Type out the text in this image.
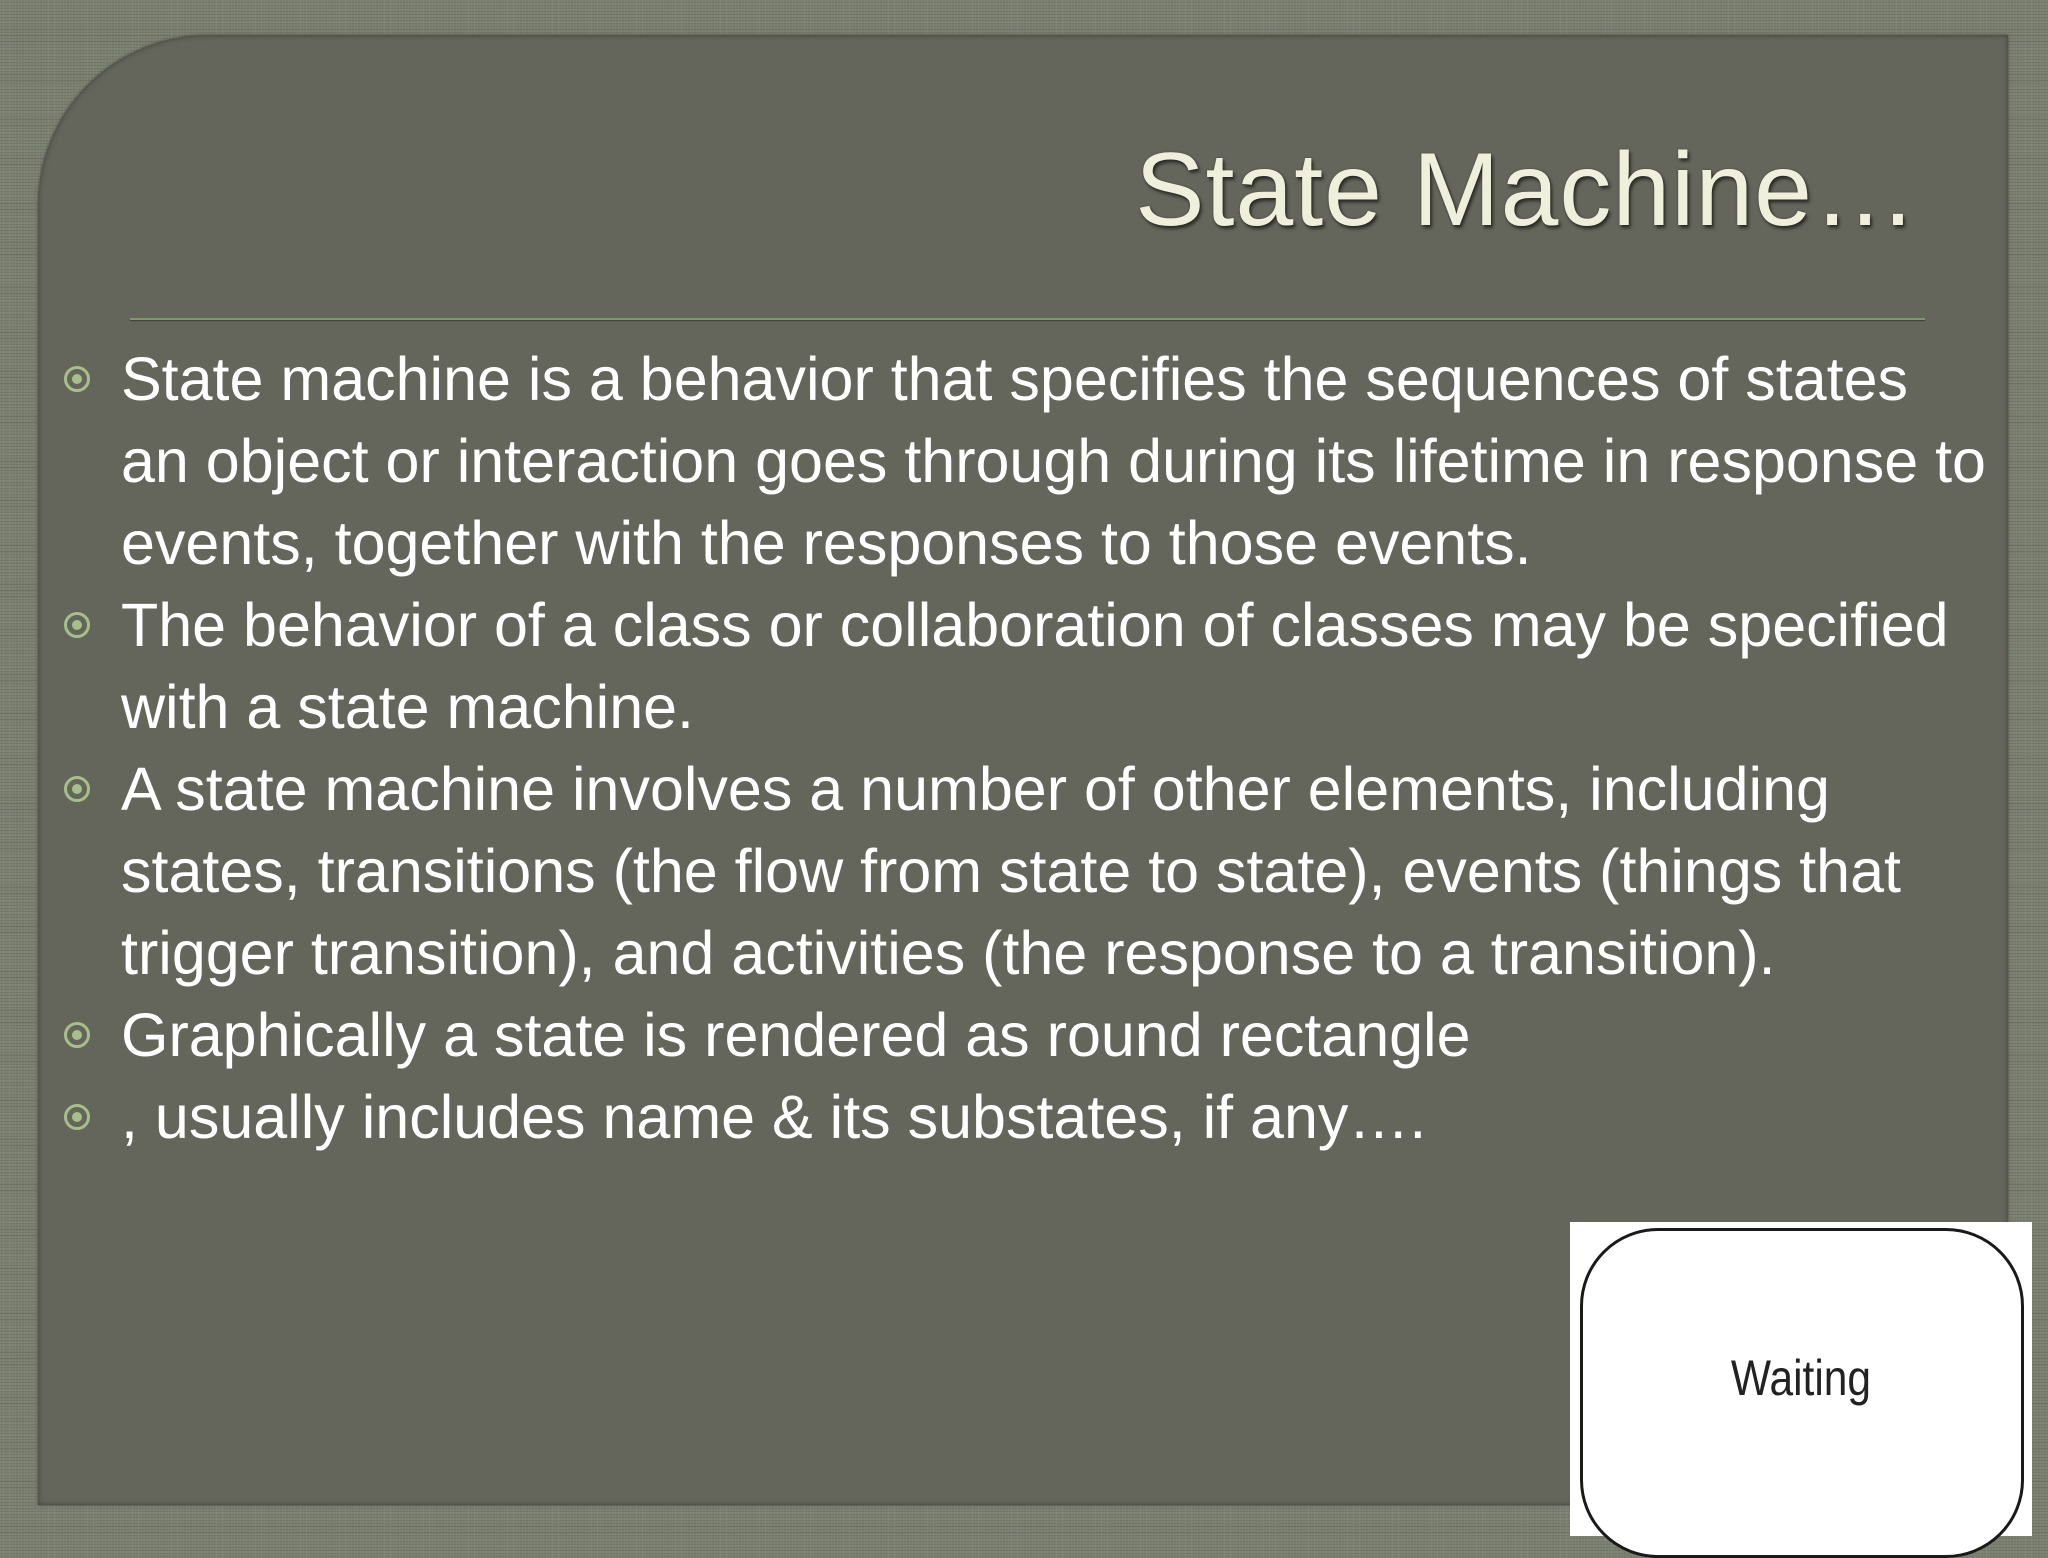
State Machine…
State machine is a behavior that specifies the sequences of states an object or interaction goes through during its lifetime in response to events, together with the responses to those events.
The behavior of a class or collaboration of classes may be specified with a state machine.
A state machine involves a number of other elements, including states, transitions (the flow from state to state), events (things that trigger transition), and activities (the response to a transition).
Graphically a state is rendered as round rectangle
, usually includes name & its substates, if any….
Waiting
